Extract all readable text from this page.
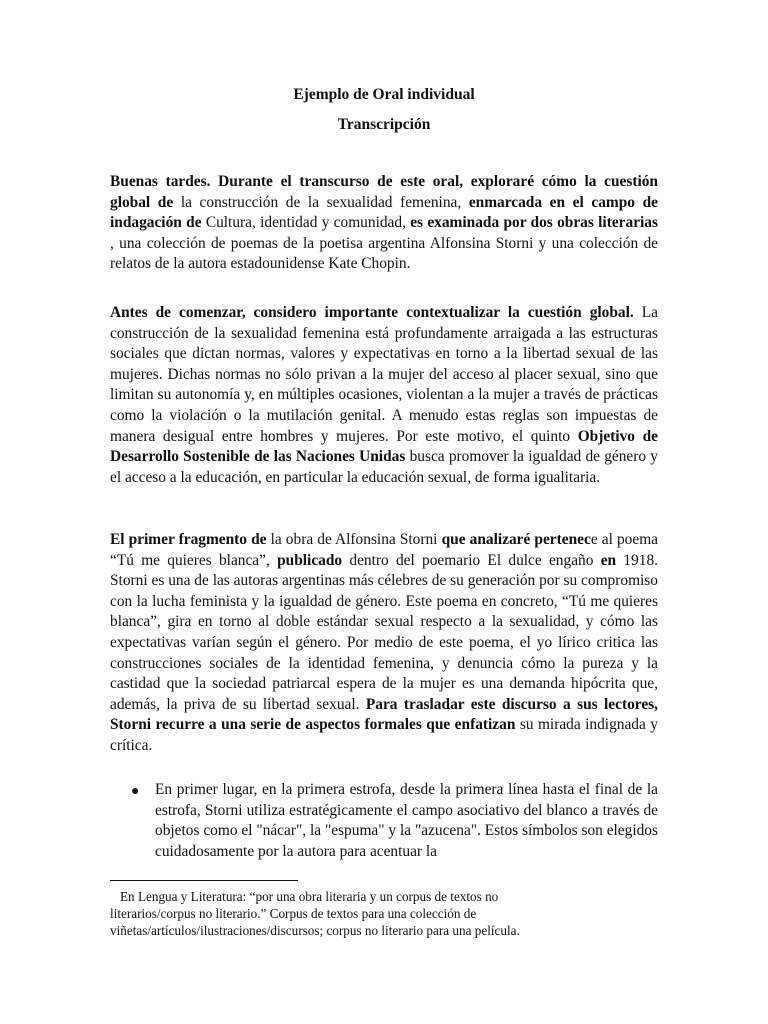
Ejemplo de Oral individual
Transcripción

Buenas tardes. Durante el transcurso de este oral, exploraré cómo la cuestión global de la construcción de la sexualidad femenina, enmarcada en el campo de indagación de Cultura, identidad y comunidad, es examinada por dos obras literarias , una colección de poemas de la poetisa argentina Alfonsina Storni y una colección de relatos de la autora estadounidense Kate Chopin.

Antes de comenzar, considero importante contextualizar la cuestión global. La construcción de la sexualidad femenina está profundamente arraigada a las estructuras sociales que dictan normas, valores y expectativas en torno a la libertad sexual de las mujeres. Dichas normas no sólo privan a la mujer del acceso al placer sexual, sino que limitan su autonomía y, en múltiples ocasiones, violentan a la mujer a través de prácticas como la violación o la mutilación genital. A menudo estas reglas son impuestas de manera desigual entre hombres y mujeres. Por este motivo, el quinto Objetivo de Desarrollo Sostenible de las Naciones Unidas busca promover la igualdad de género y el acceso a la educación, en particular la educación sexual, de forma igualitaria.

El primer fragmento de la obra de Alfonsina Storni que analizaré pertenece al poema “Tú me quieres blanca”, publicado dentro del poemario El dulce engaño en 1918. Storni es una de las autoras argentinas más célebres de su generación por su compromiso con la lucha feminista y la igualdad de género. Este poema en concreto, “Tú me quieres blanca”, gira en torno al doble estándar sexual respecto a la sexualidad, y cómo las expectativas varían según el género. Por medio de este poema, el yo lírico critica las construcciones sociales de la identidad femenina, y denuncia cómo la pureza y la castidad que la sociedad patriarcal espera de la mujer es una demanda hipócrita que, además, la priva de su libertad sexual. Para trasladar este discurso a sus lectores, Storni recurre a una serie de aspectos formales que enfatizan su mirada indignada y crítica.

● En primer lugar, en la primera estrofa, desde la primera línea hasta el final de la estrofa, Storni utiliza estratégicamente el campo asociativo del blanco a través de objetos como el "nácar", la "espuma" y la "azucena". Estos símbolos son elegidos cuidadosamente por la autora para acentuar la
En Lengua y Literatura: “por una obra literaria y un corpus de textos no
literarios/corpus no literario.” Corpus de textos para una colección de
viñetas/artículos/ilustraciones/discursos; corpus no literario para una película.
